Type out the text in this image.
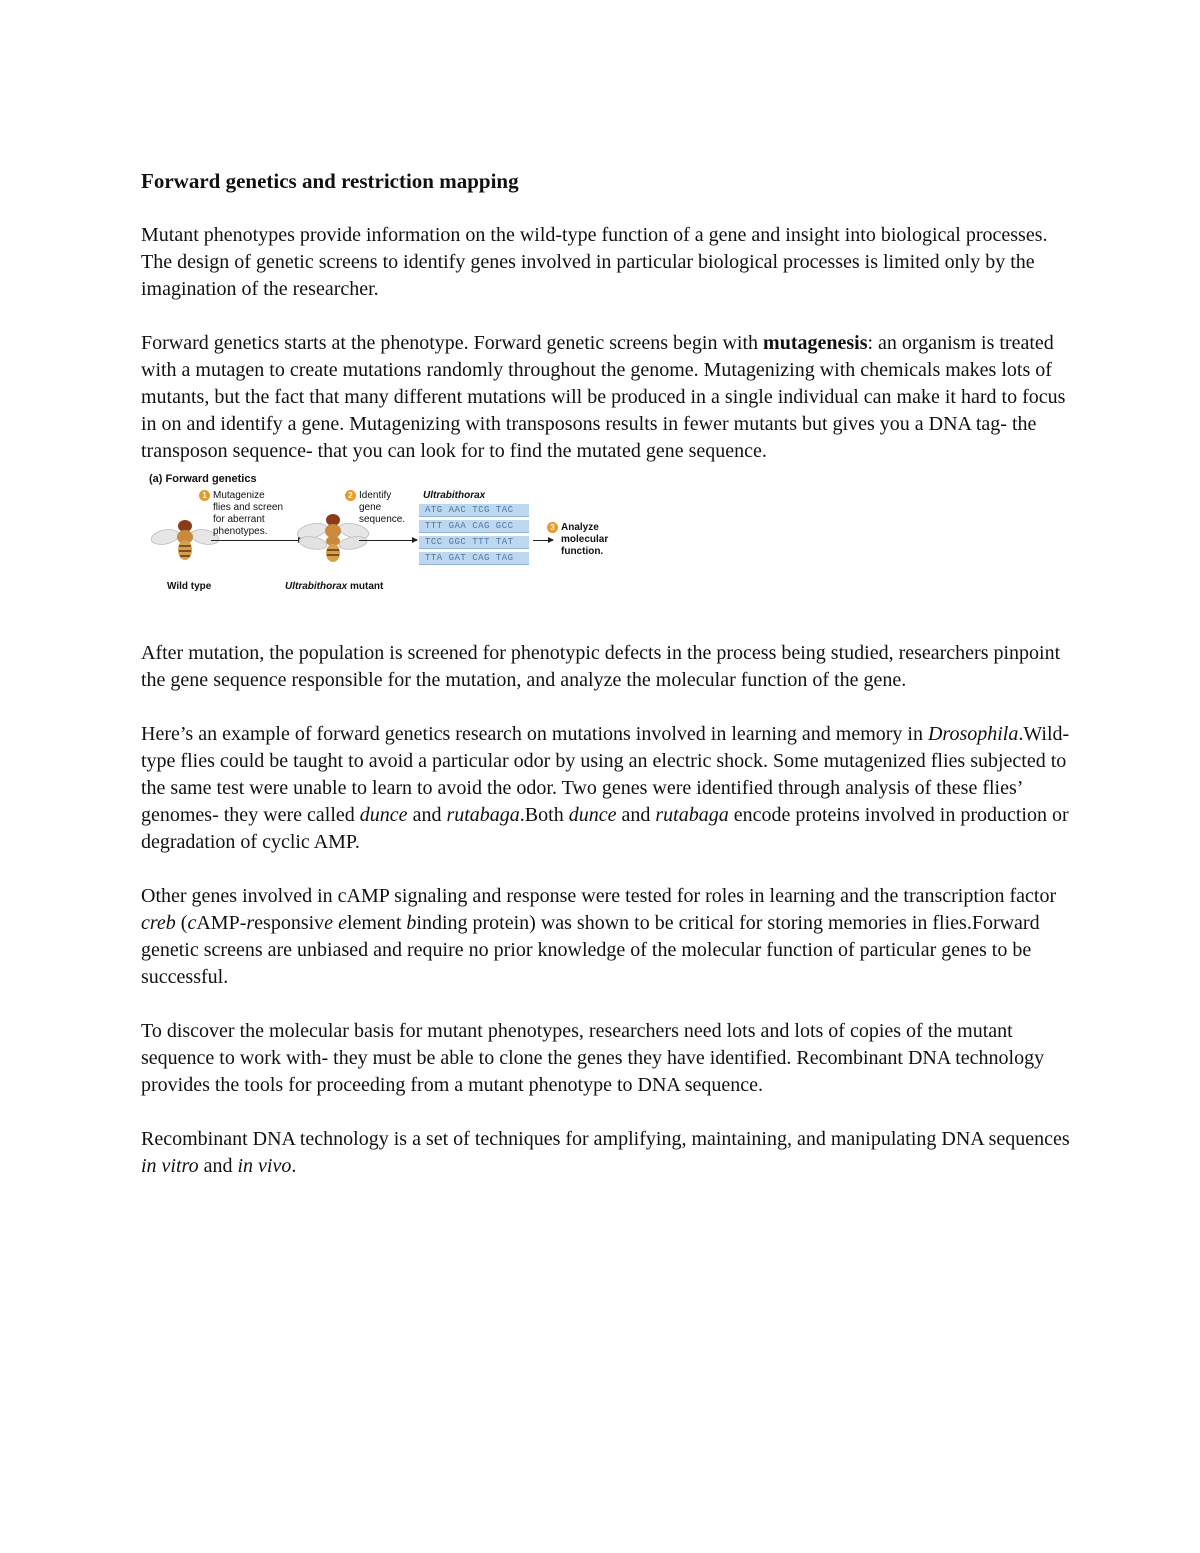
Forward genetics and restriction mapping

Mutant phenotypes provide information on the wild-type function of a gene and insight into biological processes. The design of genetic screens to identify genes involved in particular biological processes is limited only by the imagination of the researcher.

Forward genetics starts at the phenotype. Forward genetic screens begin with mutagenesis: an organism is treated with a mutagen to create mutations randomly throughout the genome. Mutagenizing with chemicals makes lots of mutants, but the fact that many different mutations will be produced in a single individual can make it hard to focus in on and identify a gene. Mutagenizing with transposons results in fewer mutants but gives you a DNA tag- the transposon sequence- that you can look for to find the mutated gene sequence.

(a) Forward genetics
1 Mutagenize
flies and screen
for aberrant
phenotypes.
2 Identify
gene
sequence.
Ultrabithorax
ATG AAC TCG TAC
TTT GAA CAG GCC
TCC GGC TTT TAT
TTA GAT CAG TAG
3 Analyze
molecular
function.
Wild type	Ultrabithorax mutant

After mutation, the population is screened for phenotypic defects in the process being studied, researchers pinpoint the gene sequence responsible for the mutation, and analyze the molecular function of the gene.

Here’s an example of forward genetics research on mutations involved in learning and memory in Drosophila.Wild-type flies could be taught to avoid a particular odor by using an electric shock. Some mutagenized flies subjected to the same test were unable to learn to avoid the odor. Two genes were identified through analysis of these flies’ genomes- they were called dunce and rutabaga.Both dunce and rutabaga encode proteins involved in production or degradation of cyclic AMP.

Other genes involved in cAMP signaling and response were tested for roles in learning and the transcription factor creb (cAMP-responsive element binding protein) was shown to be critical for storing memories in flies.Forward genetic screens are unbiased and require no prior knowledge of the molecular function of particular genes to be successful.

To discover the molecular basis for mutant phenotypes, researchers need lots and lots of copies of the mutant sequence to work with- they must be able to clone the genes they have identified. Recombinant DNA technology provides the tools for proceeding from a mutant phenotype to DNA sequence.

Recombinant DNA technology is a set of techniques for amplifying, maintaining, and manipulating DNA sequences in vitro and in vivo.
